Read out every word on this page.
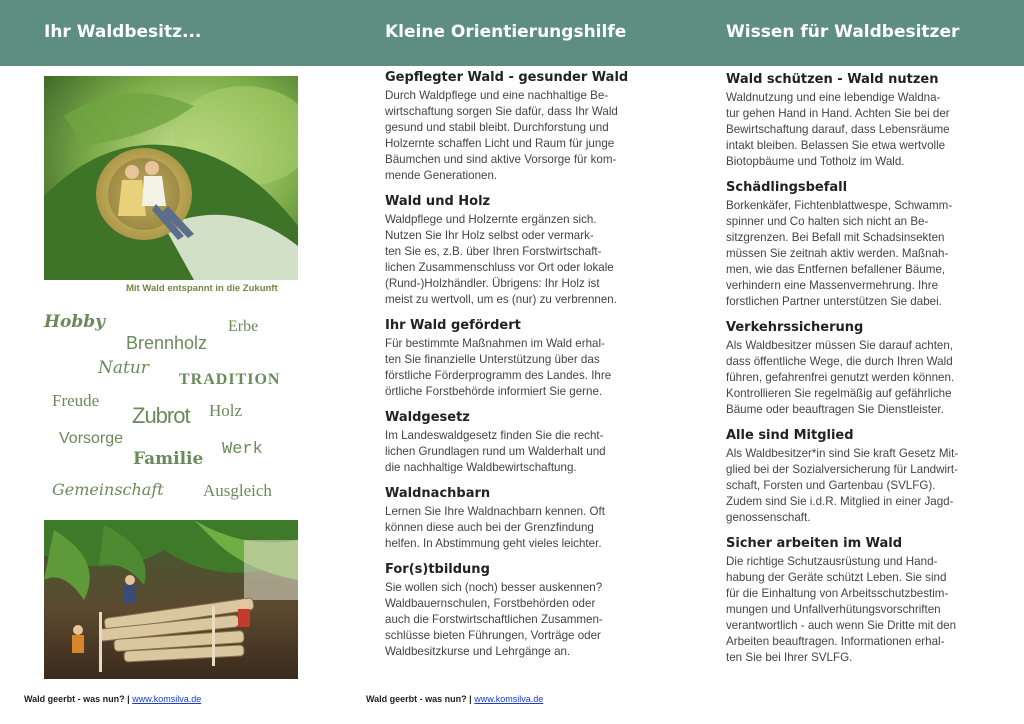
Ihr Waldbesitz...	Kleine Orientierungshilfe	Wissen für Waldbesitzer
Mit Wald entspannt in die Zukunft
Hobby	Erbe
Brennholz
Natur
TRADITION
Freude
Zubrot Holz
Vorsorge
Werk
Familie
Gemeinschaft Ausgleich
Gepflegter Wald - gesunder Wald

Durch Waldpflege und eine nachhaltige Be-
wirtschaftung sorgen Sie dafür, dass Ihr Wald
gesund und stabil bleibt. Durchforstung und
Holzernte schaffen Licht und Raum für junge
Bäumchen und sind aktive Vorsorge für kom-
mende Generationen.

Wald und Holz

Waldpflege und Holzernte ergänzen sich.
Nutzen Sie Ihr Holz selbst oder vermark-
ten Sie es, z.B. über Ihren Forstwirtschaft-
lichen Zusammenschluss vor Ort oder lokale
(Rund-)Holzhändler. Übrigens: Ihr Holz ist
meist zu wertvoll, um es (nur) zu verbrennen.

Ihr Wald gefördert

Für bestimmte Maßnahmen im Wald erhal-
ten Sie finanzielle Unterstützung über das
förstliche Förderprogramm des Landes. Ihre
örtliche Forstbehörde informiert Sie gerne.

Waldgesetz

Im Landeswaldgesetz finden Sie die recht-
lichen Grundlagen rund um Walderhalt und
die nachhaltige Waldbewirtschaftung.

Waldnachbarn

Lernen Sie Ihre Waldnachbarn kennen. Oft
können diese auch bei der Grenzfindung
helfen. In Abstimmung geht vieles leichter.

For(s)tbildung

Sie wollen sich (noch) besser auskennen?
Waldbauernschulen, Forstbehörden oder
auch die Forstwirtschaftlichen Zusammen-
schlüsse bieten Führungen, Vorträge oder
Waldbesitzkurse und Lehrgänge an.

Wald schützen - Wald nutzen

Waldnutzung und eine lebendige Waldna-
tur gehen Hand in Hand. Achten Sie bei der
Bewirtschaftung darauf, dass Lebensräume
intakt bleiben. Belassen Sie etwa wertvolle
Biotopbäume und Totholz im Wald.

Schädlingsbefall

Borkenkäfer, Fichtenblattwespe, Schwamm-
spinner und Co halten sich nicht an Be-
sitzgrenzen. Bei Befall mit Schadsinsekten
müssen Sie zeitnah aktiv werden. Maßnah-
men, wie das Entfernen befallener Bäume,
verhindern eine Massenvermehrung. Ihre
forstlichen Partner unterstützen Sie dabei.

Verkehrssicherung

Als Waldbesitzer müssen Sie darauf achten,
dass öffentliche Wege, die durch Ihren Wald
führen, gefahrenfrei genutzt werden können.
Kontrollieren Sie regelmäßig auf gefährliche
Bäume oder beauftragen Sie Dienstleister.

Alle sind Mitglied

Als Waldbesitzer*in sind Sie kraft Gesetz Mit-
glied bei der Sozialversicherung für Landwirt-
schaft, Forsten und Gartenbau (SVLFG).
Zudem sind Sie i.d.R. Mitglied in einer Jagd-
genossenschaft.

Sicher arbeiten im Wald

Die richtige Schutzausrüstung und Hand-
habung der Geräte schützt Leben. Sie sind
für die Einhaltung von Arbeitsschutzbestim-
mungen und Unfallverhütungsvorschriften
verantwortlich - auch wenn Sie Dritte mit den
Arbeiten beauftragen. Informationen erhal-
ten Sie bei Ihrer SVLFG.

Wald geerbt - was nun? | www.komsilva.de	Wald geerbt - was nun? | www.komsilva.de
